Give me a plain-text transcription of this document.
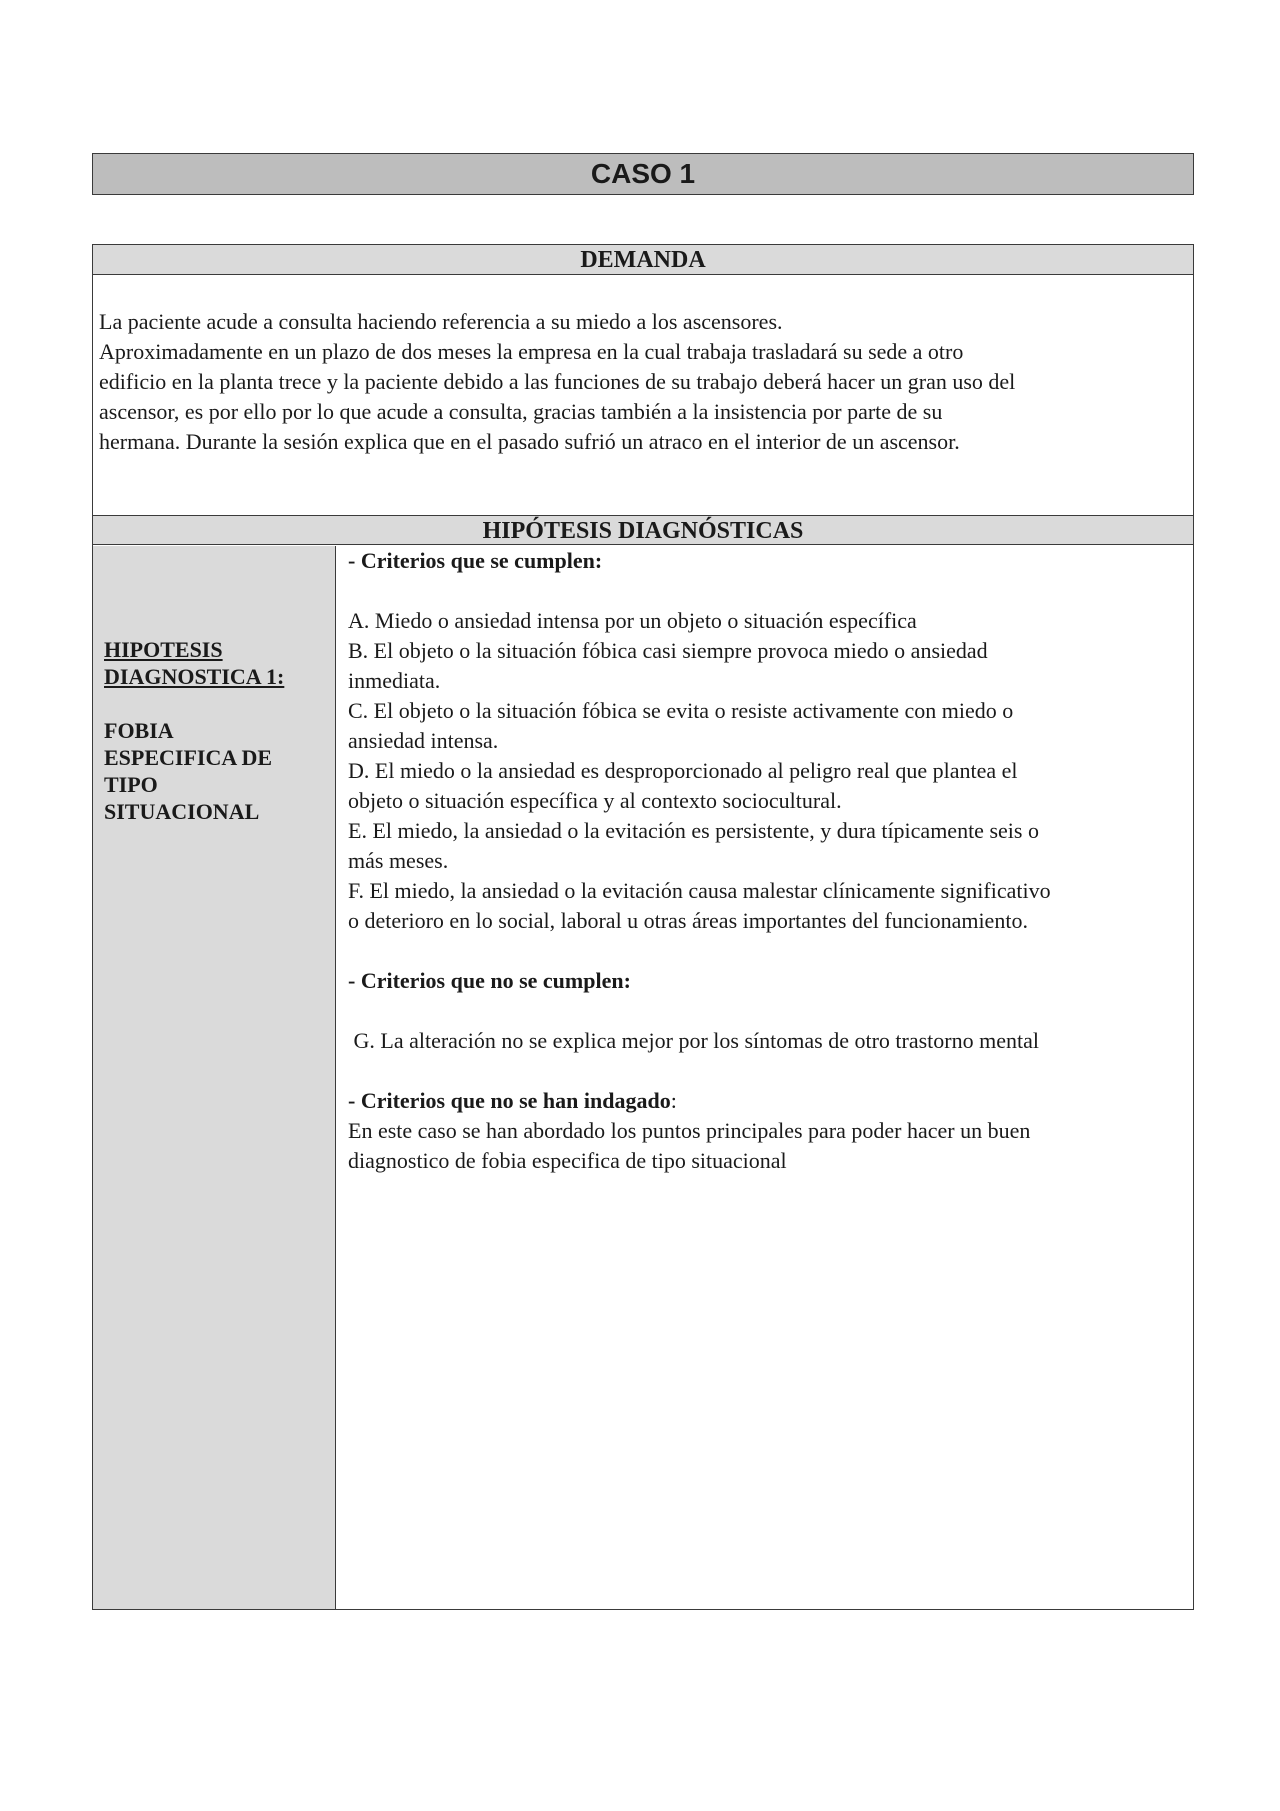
CASO 1
DEMANDA
La paciente acude a consulta haciendo referencia a su miedo a los ascensores.
Aproximadamente en un plazo de dos meses la empresa en la cual trabaja trasladará su sede a otro
edificio en la planta trece y la paciente debido a las funciones de su trabajo deberá hacer un gran uso del
ascensor, es por ello por lo que acude a consulta, gracias también a la insistencia por parte de su
hermana. Durante la sesión explica que en el pasado sufrió un atraco en el interior de un ascensor.
HIPÓTESIS DIAGNÓSTICAS
HIPOTESIS
DIAGNOSTICA 1:
FOBIA
ESPECIFICA DE
TIPO
SITUACIONAL

- Criterios que se cumplen:

A. Miedo o ansiedad intensa por un objeto o situación específica

B. El objeto o la situación fóbica casi siempre provoca miedo o ansiedad

inmediata.

C. El objeto o la situación fóbica se evita o resiste activamente con miedo o

ansiedad intensa.

D. El miedo o la ansiedad es desproporcionado al peligro real que plantea el

objeto o situación específica y al contexto sociocultural.

E. El miedo, la ansiedad o la evitación es persistente, y dura típicamente seis o

más meses.

F. El miedo, la ansiedad o la evitación causa malestar clínicamente significativo

o deterioro en lo social, laboral u otras áreas importantes del funcionamiento.

- Criterios que no se cumplen:

G. La alteración no se explica mejor por los síntomas de otro trastorno mental

- Criterios que no se han indagado:

En este caso se han abordado los puntos principales para poder hacer un buen

diagnostico de fobia especifica de tipo situacional
